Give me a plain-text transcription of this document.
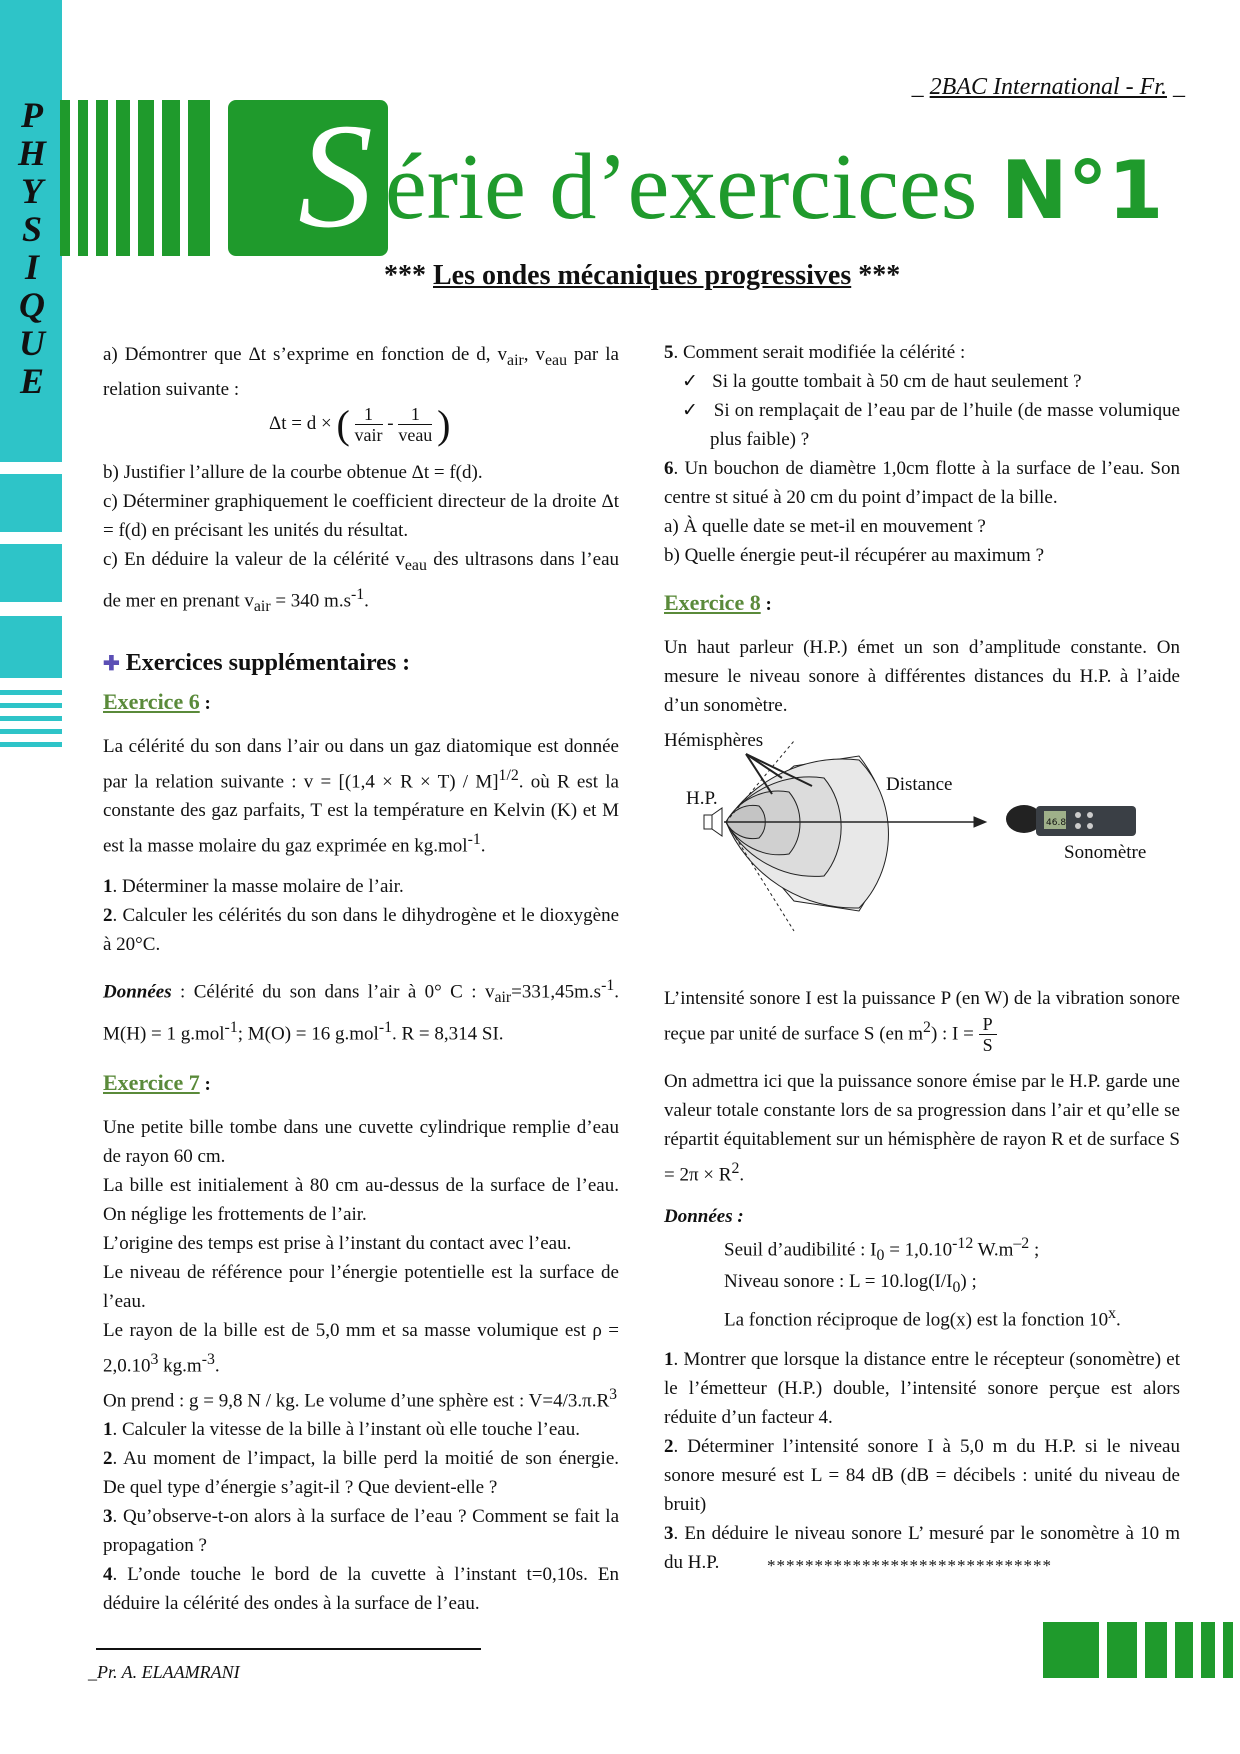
P
H
Y
S
I
Q
U
E
_ 2BAC International - Fr. _
S érie d’exercices N°1
*** Les ondes mécaniques progressives ***

a) Démontrer que Δt s’exprime en fonction de d, $v_{air}$, $v_{eau}$ par la relation suivante :

Δt = d × ( $\frac{1}{\text{vair}} - \frac{1}{\text{veau}}$ )

b) Justifier l’allure de la courbe obtenue Δt = f(d).

c) Déterminer graphiquement le coefficient directeur de la droite Δt = f(d) en précisant les unités du résultat.

c) En déduire la valeur de la célérité $v_{eau}$ des ultrasons dans l’eau de mer en prenant $v_{air} = 340$ $m.s^{-1}$.

✚ Exercices supplémentaires :

Exercice 6 :

La célérité du son dans l’air ou dans un gaz diatomique est donnée par la relation suivante : $v = [(1,4 \times R \times T) / M]^{1/2}$. où R est la constante des gaz parfaits, T est la température en Kelvin (K) et M est la masse molaire du gaz exprimée en kg.mol$^{-1}$.

1. Déterminer la masse molaire de l’air.

2. Calculer les célérités du son dans le dihydrogène et le dioxygène à 20°C.

Données : Célérité du son dans l’air à 0° C : $v_{air}=331,45m.s^{-1}$. M(H) = 1 g.mol$^{-1}$; M(O) = 16 g.mol$^{-1}$. R = 8,314 SI.

Exercice 7 :

Une petite bille tombe dans une cuvette cylindrique remplie d’eau de rayon 60 cm.

La bille est initialement à 80 cm au-dessus de la surface de l’eau. On néglige les frottements de l’air.

L’origine des temps est prise à l’instant du contact avec l’eau.

Le niveau de référence pour l’énergie potentielle est la surface de l’eau.

Le rayon de la bille est de 5,0 mm et sa masse volumique est $\rho = 2,0.10^3$ $kg.m^{-3}$.

On prend : g = 9,8 N / kg. Le volume d’une sphère est : $V=4/3.\pi.R^3$

1. Calculer la vitesse de la bille à l’instant où elle touche l’eau.

2. Au moment de l’impact, la bille perd la moitié de son énergie. De quel type d’énergie s’agit-il ? Que devient-elle ?

3. Qu’observe-t-on alors à la surface de l’eau ? Comment se fait la propagation ?

4. L’onde touche le bord de la cuvette à l’instant t=0,10s. En déduire la célérité des ondes à la surface de l’eau.

5. Comment serait modifiée la célérité :

✓ Si la goutte tombait à 50 cm de haut seulement ?

✓ Si on remplaçait de l’eau par de l’huile (de masse volumique plus faible) ?

6. Un bouchon de diamètre 1,0cm flotte à la surface de l’eau. Son centre st situé à 20 cm du point d’impact de la bille.

a) À quelle date se met-il en mouvement ?

b) Quelle énergie peut-il récupérer au maximum ?

Exercice 8 :

Un haut parleur (H.P.) émet un son d’amplitude constante. On mesure le niveau sonore à différentes distances du H.P. à l’aide d’un sonomètre.

46.8
Hémisphères
H.P.
Distance
Sonomètre

L’intensité sonore I est la puissance P (en W) de la vibration sonore reçue par unité de surface S (en $m^2$) : $I = \frac{P}{S}$

On admettra ici que la puissance sonore émise par le H.P. garde une valeur totale constante lors de sa progression dans l’air et qu’elle se répartit équitablement sur un hémisphère de rayon R et de surface $S = 2\pi \times R^2$.

Données :

Seuil d’audibilité : $I_0 = 1,0.10^{-12}$ $W.m^{-2}$ ;

Niveau sonore : $L = 10.\log(I/I_0)$ ;

La fonction réciproque de log(x) est la fonction 10$^x$.

1. Montrer que lorsque la distance entre le récepteur (sonomètre) et le l’émetteur (H.P.) double, l’intensité sonore perçue est alors réduite d’un facteur 4.

2. Déterminer l’intensité sonore I à 5,0 m du H.P. si le niveau sonore mesuré est L = 84 dB (dB = décibels : unité du niveau de bruit)

3. En déduire le niveau sonore L’ mesuré par le sonomètre à 10 m du H.P.	******************************
_Pr. A. ELAAMRANI
